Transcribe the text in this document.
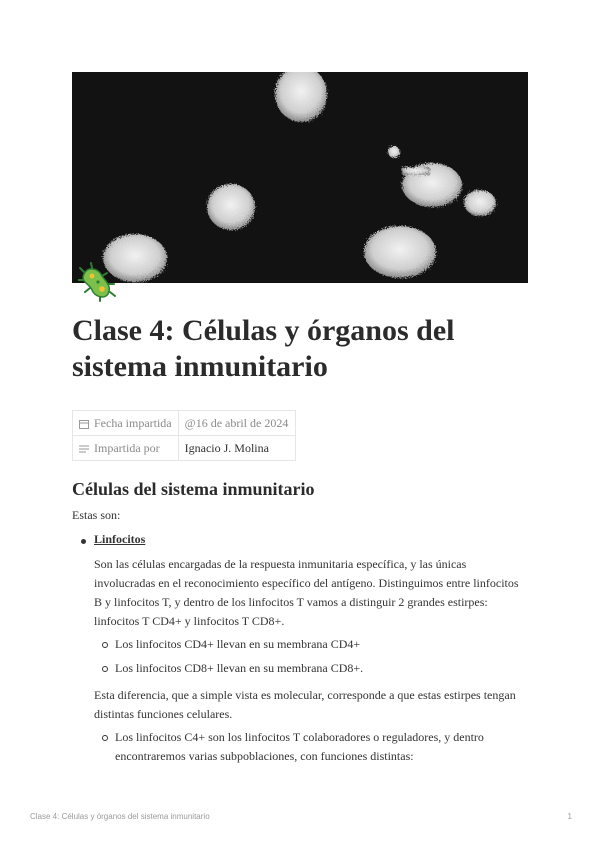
Clase 4: Células y órganos del sistema inmunitario
Fecha impartida	@16 de abril de 2024
Impartida por	Ignacio J. Molina
Células del sistema inmunitario
Estas son:
Linfocitos
Son las células encargadas de la respuesta inmunitaria específica, y las únicas
involucradas en el reconocimiento específico del antígeno. Distinguimos entre linfocitos
B y linfocitos T, y dentro de los linfocitos T vamos a distinguir 2 grandes estirpes:
linfocitos T CD4+ y linfocitos T CD8+.
Los linfocitos CD4+ llevan en su membrana CD4+
Los linfocitos CD8+ llevan en su membrana CD8+.
Esta diferencia, que a simple vista es molecular, corresponde a que estas estirpes tengan
distintas funciones celulares.
Los linfocitos C4+ son los linfocitos T colaboradores o reguladores, y dentro
encontraremos varias subpoblaciones, con funciones distintas:
Clase 4: Células y órganos del sistema inmunitario	1
